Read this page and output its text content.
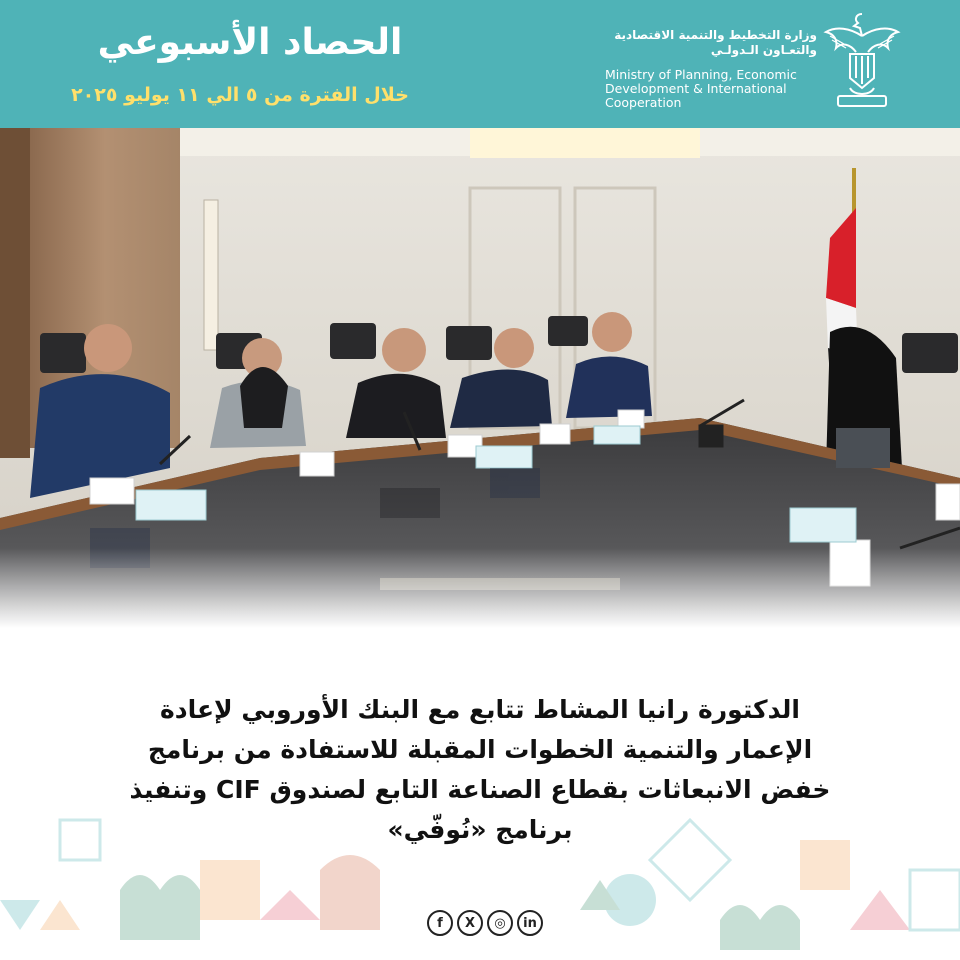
الحصاد الأسبوعي
خلال الفترة من ٥ الي ١١ يوليو ٢٠٢٥
وزارة التخطيط والتنمية الاقتصادية
والتعـاون الـدولـي
Ministry of Planning, Economic
Development & International
Cooperation
الدكتورة رانيا المشاط تتابع مع البنك الأوروبي لإعادة
الإعمار والتنمية الخطوات المقبلة للاستفادة من برنامج
خفض الانبعاثات بقطاع الصناعة التابع لصندوق CIF وتنفيذ
برنامج «نُوفّي»
f	X	◎	in
